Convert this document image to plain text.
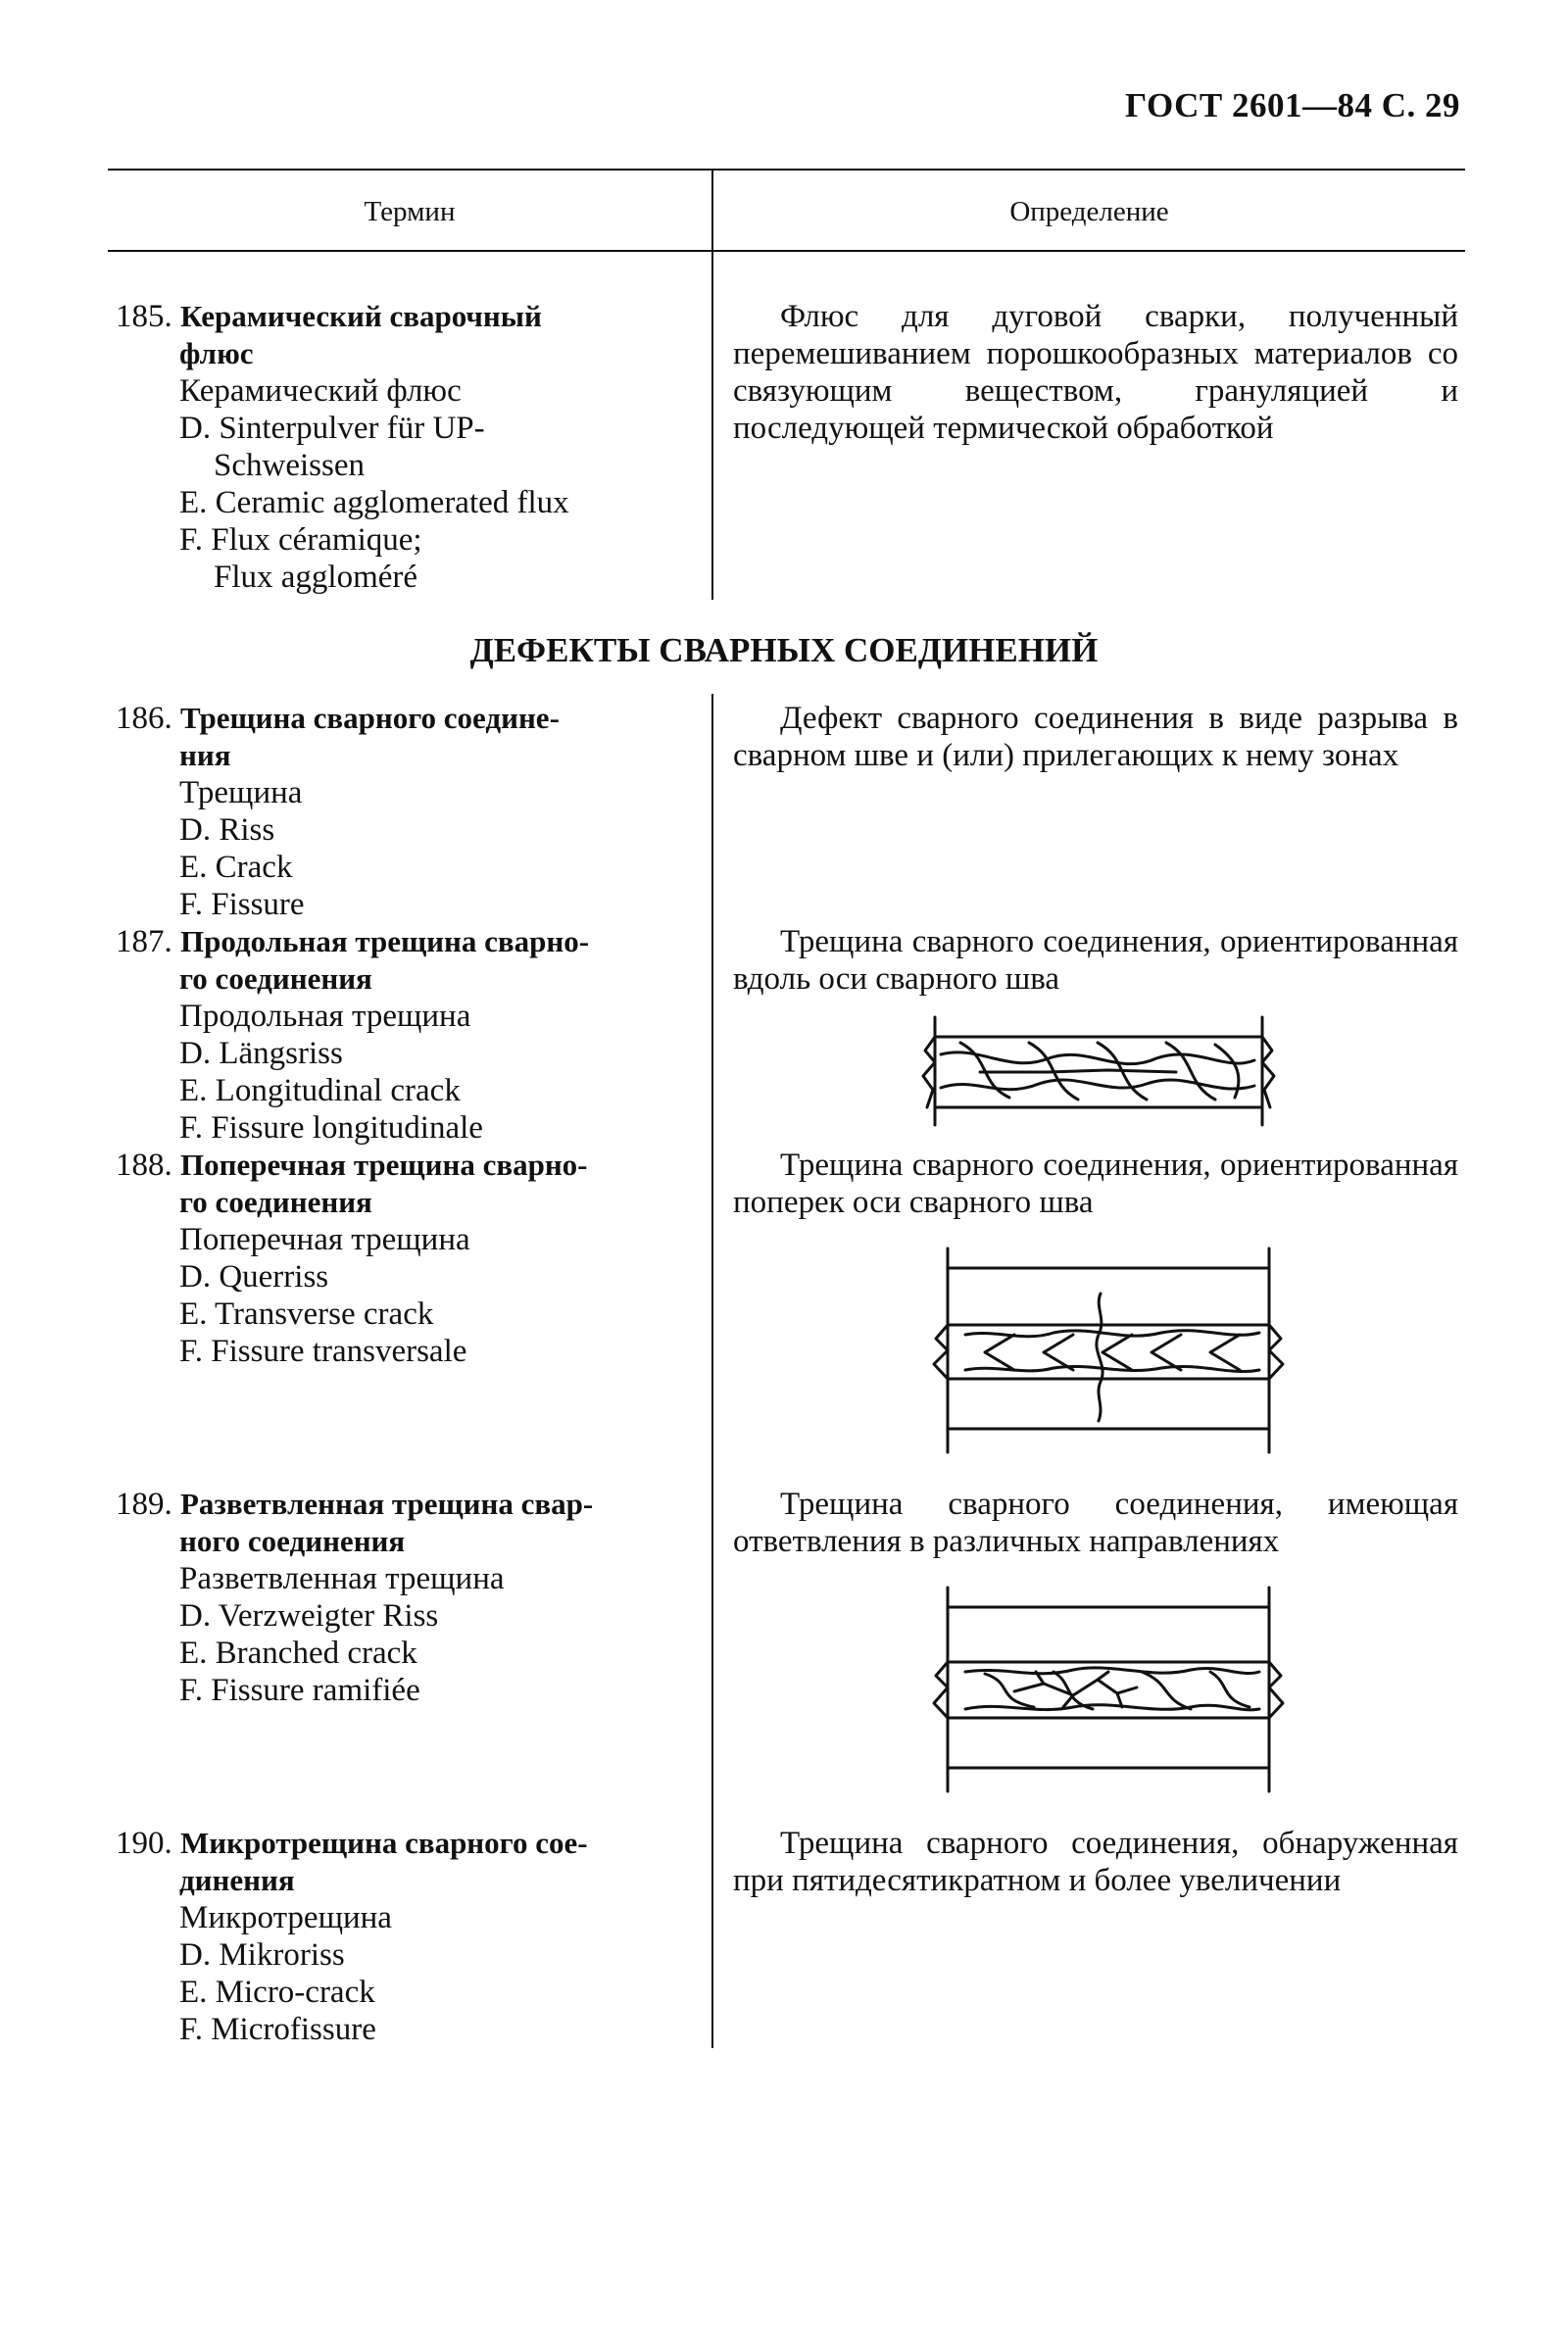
ГОСТ 2601—84 С. 29
Термин	Определение
185. Керамический сварочный
флюс
Керамический флюс
D. Sinterpulver für UP-
Schweissen
E. Ceramic agglomerated flux
F. Flux céramique;
Flux aggloméré

Флюс для дуговой сварки, полученный перемешиванием порошкообразных материалов со связующим веществом, грануляцией и последующей термической обработкой

ДЕФЕКТЫ СВАРНЫХ СОЕДИНЕНИЙ
186. Трещина сварного соедине-
ния
Трещина
D. Riss
E. Crack
F. Fissure

Дефект сварного соединения в виде разрыва в сварном шве и (или) прилегающих к нему зонах

187. Продольная трещина сварно-
го соединения
Продольная трещина
D. Längsriss
E. Longitudinal crack
F. Fissure longitudinale

Трещина сварного соединения, ориентированная вдоль оси сварного шва

188. Поперечная трещина сварно-
го соединения
Поперечная трещина
D. Querriss
E. Transverse crack
F. Fissure transversale

Трещина сварного соединения, ориентированная поперек оси сварного шва

189. Разветвленная трещина свар-
ного соединения
Разветвленная трещина
D. Verzweigter Riss
E. Branched crack
F. Fissure ramifiée

Трещина сварного соединения, имеющая ответвления в различных направлениях

190. Микротрещина сварного сое-
динения
Микротрещина
D. Mikroriss
E. Micro-crack
F. Microfissure

Трещина сварного соединения, обнаруженная при пятидесятикратном и более увеличении
